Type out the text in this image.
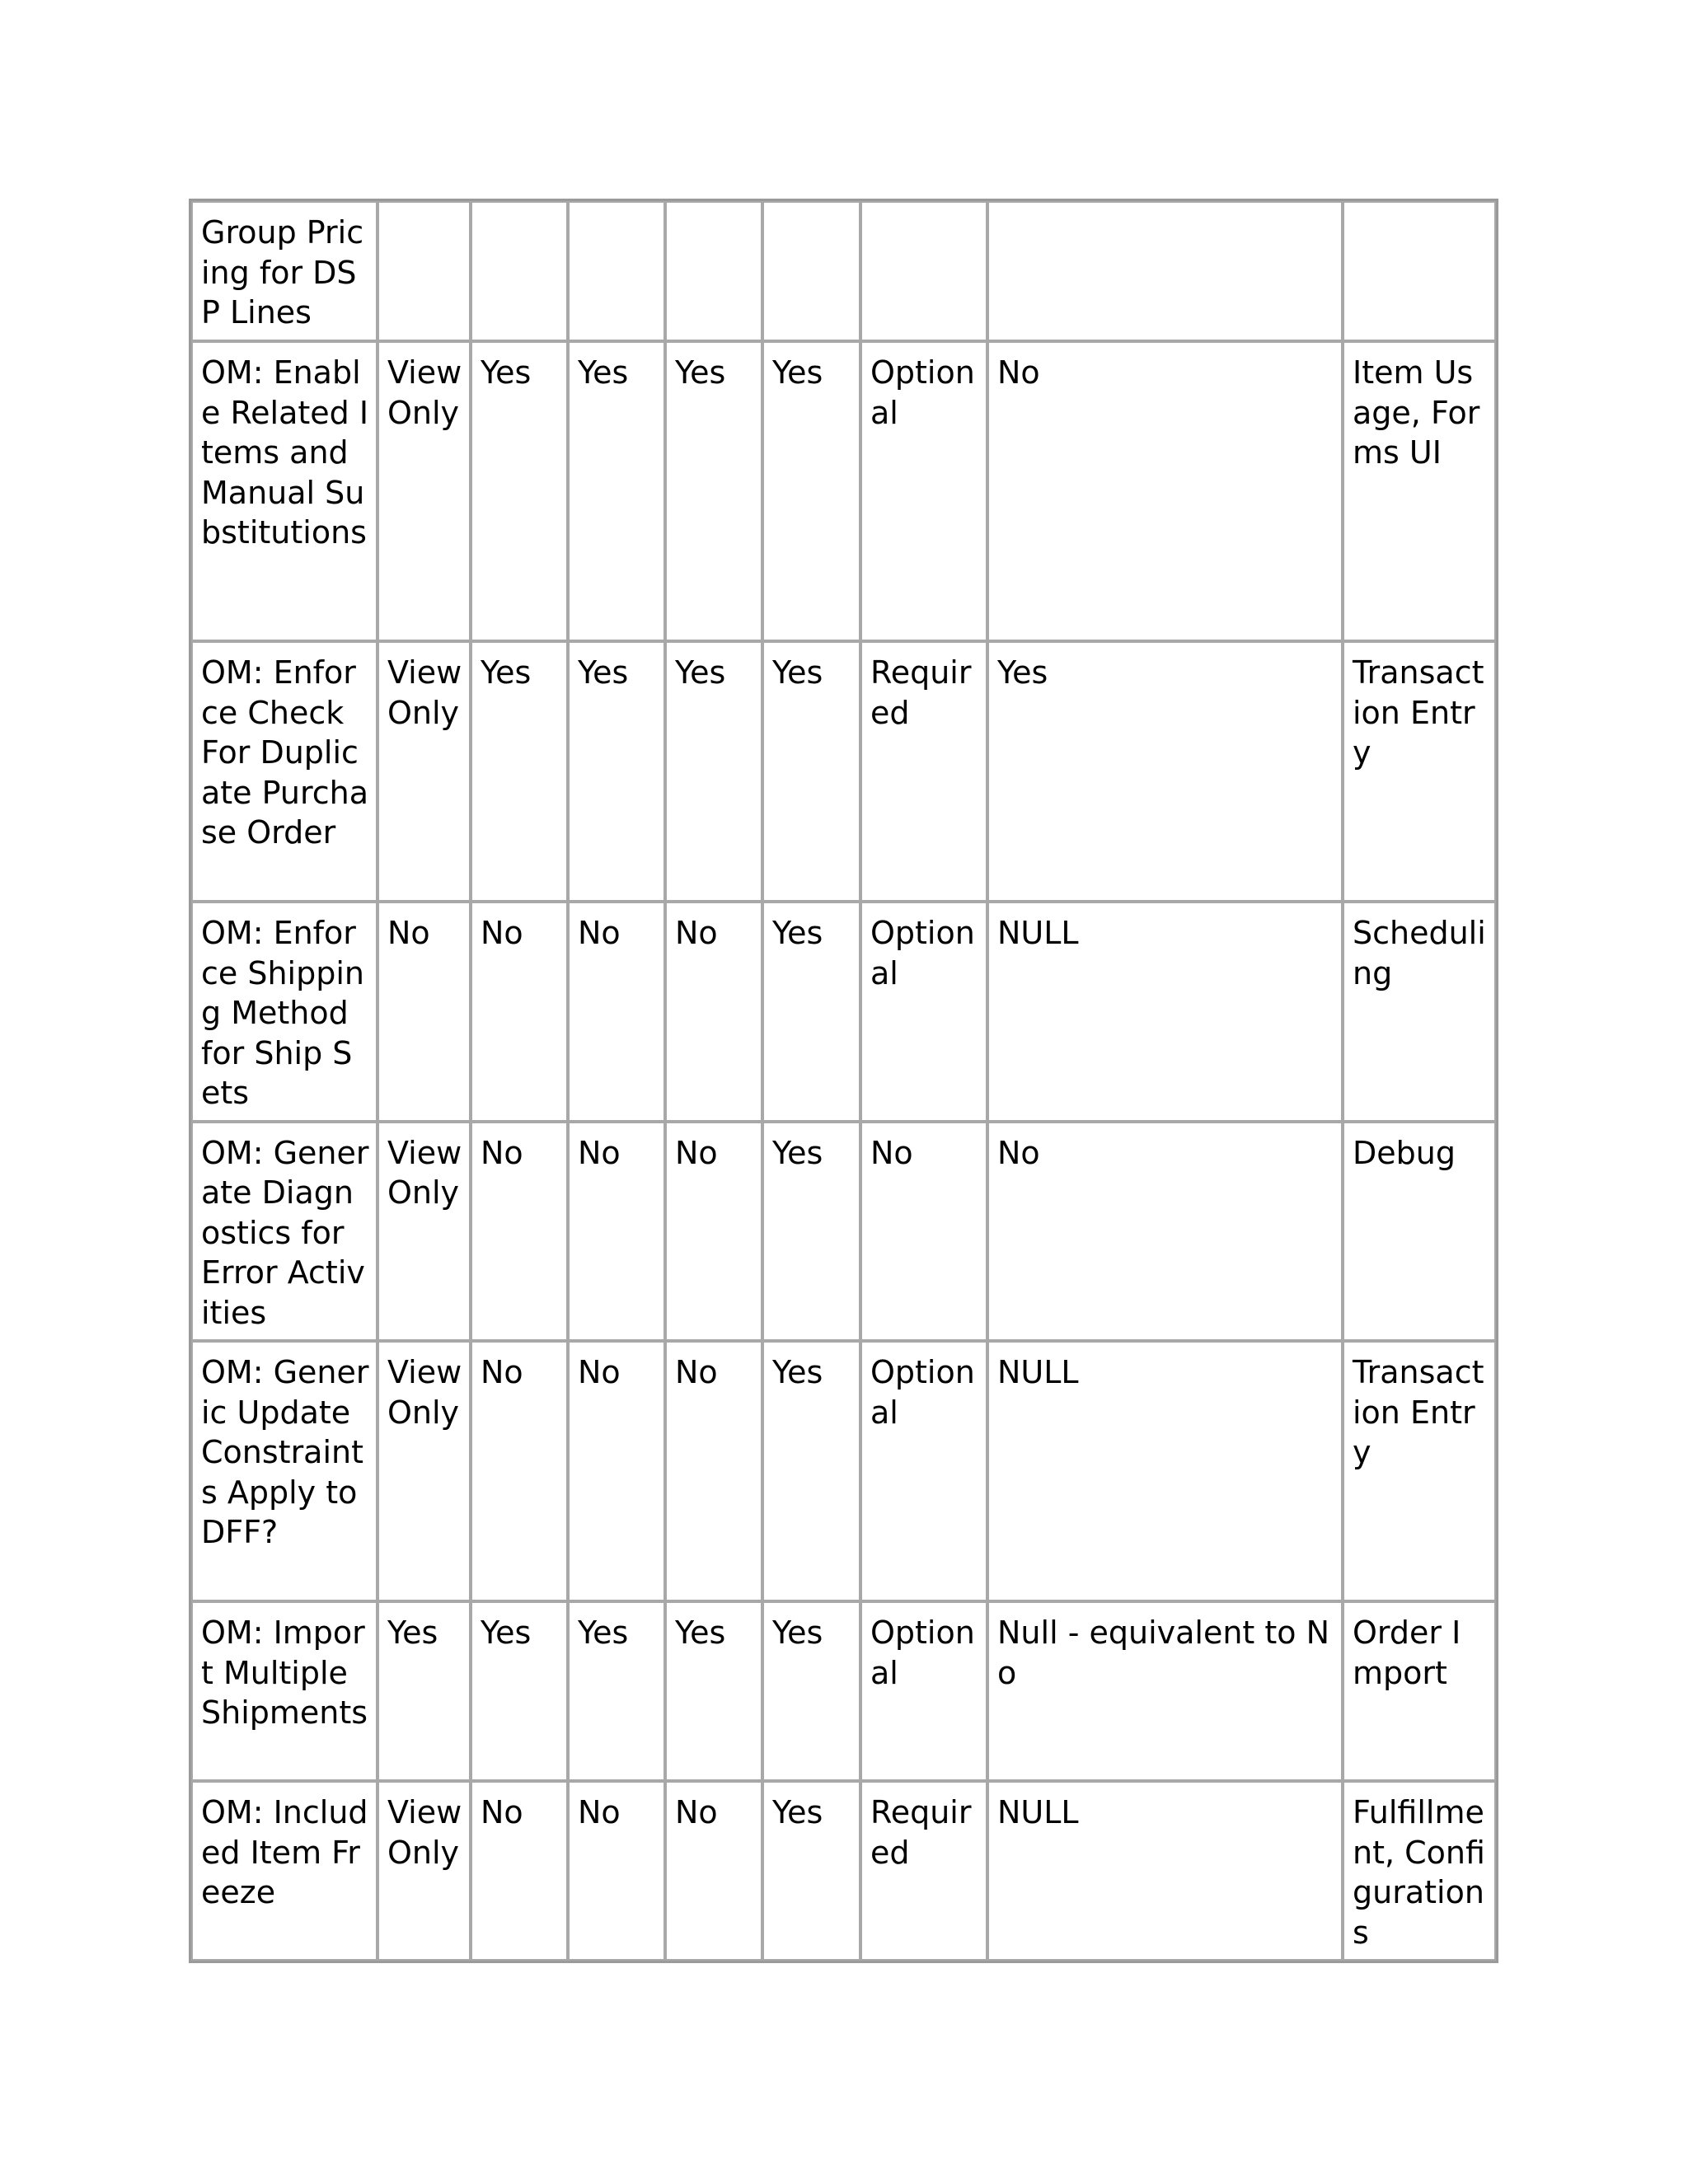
Group Pricing for DSP Lines								
OM: Enable Related Items and Manual Substitutions	View Only	Yes	Yes	Yes	Yes	Optional	No	Item Usage, Forms UI
OM: Enforce Check For Duplicate Purchase Order	View Only	Yes	Yes	Yes	Yes	Required	Yes	Transaction Entry
OM: Enforce Shipping Method for Ship Sets	No	No	No	No	Yes	Optional	NULL	Scheduling
OM: Generate Diagnostics for Error Activities	View Only	No	No	No	Yes	No	No	Debug
OM: Generic Update Constraints Apply to DFF?	View Only	No	No	No	Yes	Optional	NULL	Transaction Entry
OM: Import Multiple Shipments	Yes	Yes	Yes	Yes	Yes	Optional	Null - equivalent to No	Order Import
OM: Included Item Freeze	View Only	No	No	No	Yes	Required	NULL	Fulfillment, Configurations
